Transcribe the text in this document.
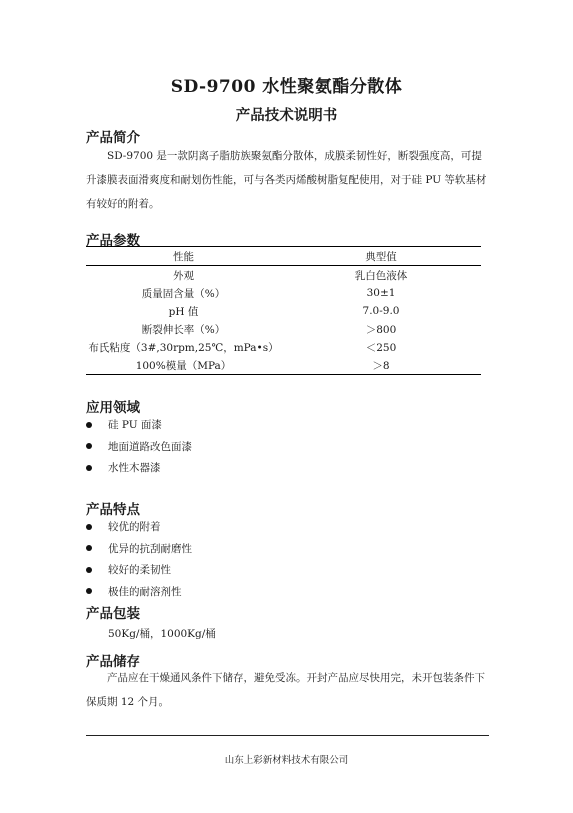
SD-9700 水性聚氨酯分散体
产品技术说明书
产品简介
SD-9700 是一款阴离子脂肪族聚氨酯分散体，成膜柔韧性好，断裂强度高，可提升漆膜表面滑爽度和耐划伤性能，可与各类丙烯酸树脂复配使用，对于硅 PU 等软基材有较好的附着。
产品参数
性能	典型值
外观	乳白色液体
质量固含量（%）	30±1
pH 值	7.0-9.0
断裂伸长率（%）	＞800
布氏粘度（3#,30rpm,25℃，mPa•s）	＜250
100%模量（MPa）	＞8
应用领域
硅 PU 面漆
地面道路改色面漆
水性木器漆
产品特点
较优的附着
优异的抗刮耐磨性
较好的柔韧性
极佳的耐溶剂性
产品包装
50Kg/桶，1000Kg/桶
产品储存
产品应在干燥通风条件下储存，避免受冻。开封产品应尽快用完，未开包装条件下保质期 12 个月。
山东上彩新材料技术有限公司
